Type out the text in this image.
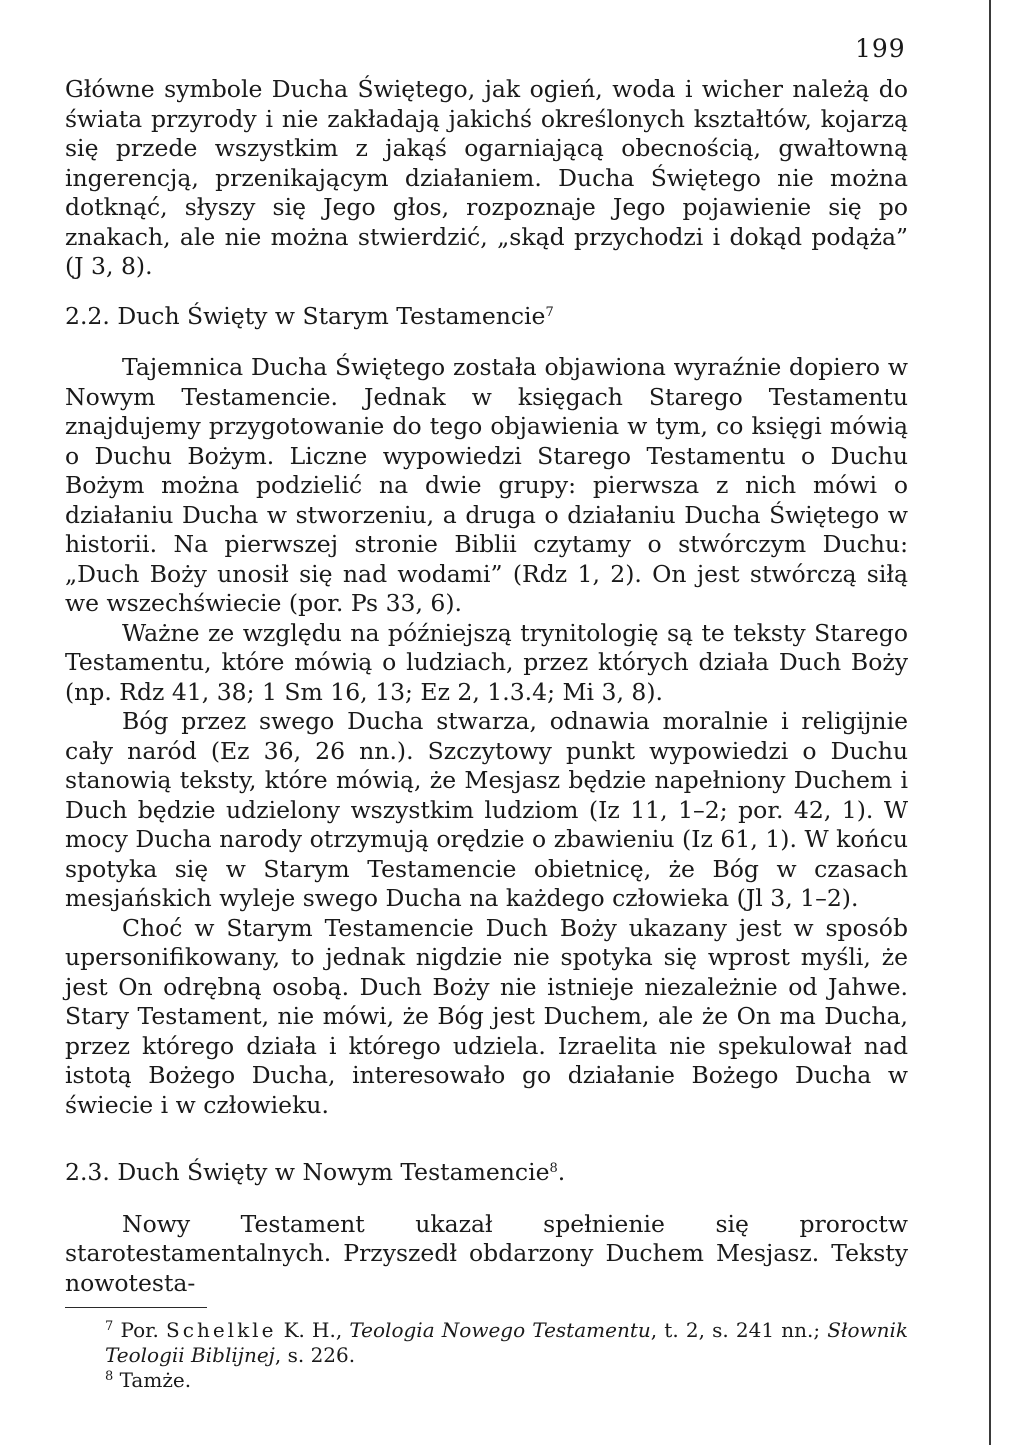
199

Główne symbole Ducha Świętego, jak ogień, woda i wicher należą do świata przyrody i nie zakładają jakichś określonych kształtów, kojarzą się przede wszystkim z jakąś ogarniającą obecnością, gwałtowną ingerencją, przenikającym działaniem. Ducha Świętego nie można dotknąć, słyszy się Jego głos, rozpoznaje Jego pojawienie się po znakach, ale nie można stwierdzić, „skąd przychodzi i dokąd podąża” (J 3, 8).

2.2. Duch Święty w Starym Testamencie$^7$

Tajemnica Ducha Świętego została objawiona wyraźnie dopiero w Nowym Testamencie. Jednak w księgach Starego Testamentu znajdujemy przygotowanie do tego objawienia w tym, co księgi mówią o Duchu Bożym. Liczne wypowiedzi Starego Testamentu o Duchu Bożym można podzielić na dwie grupy: pierwsza z nich mówi o działaniu Ducha w stworzeniu, a druga o działaniu Ducha Świętego w historii. Na pierwszej stronie Biblii czytamy o stwórczym Duchu: „Duch Boży unosił się nad wodami” (Rdz 1, 2). On jest stwórczą siłą we wszechświecie (por. Ps 33, 6).

Ważne ze względu na późniejszą trynitologię są te teksty Starego Testamentu, które mówią o ludziach, przez których działa Duch Boży (np. Rdz 41, 38; 1 Sm 16, 13; Ez 2, 1.3.4; Mi 3, 8).

Bóg przez swego Ducha stwarza, odnawia moralnie i religijnie cały naród (Ez 36, 26 nn.). Szczytowy punkt wypowiedzi o Duchu stanowią teksty, które mówią, że Mesjasz będzie napełniony Duchem i Duch będzie udzielony wszystkim ludziom (Iz 11, 1–2; por. 42, 1). W mocy Ducha narody otrzymują orędzie o zbawieniu (Iz 61, 1). W końcu spotyka się w Starym Testamencie obietnicę, że Bóg w czasach mesjańskich wyleje swego Ducha na każdego człowieka (Jl 3, 1–2).

Choć w Starym Testamencie Duch Boży ukazany jest w sposób upersonifikowany, to jednak nigdzie nie spotyka się wprost myśli, że jest On odrębną osobą. Duch Boży nie istnieje niezależnie od Jahwe. Stary Testament, nie mówi, że Bóg jest Duchem, ale że On ma Ducha, przez którego działa i którego udziela. Izraelita nie spekulował nad istotą Bożego Ducha, interesowało go działanie Bożego Ducha w świecie i w człowieku.

2.3. Duch Święty w Nowym Testamencie$^8$.

Nowy Testament ukazał spełnienie się proroctw starotestamentalnych. Przyszedł obdarzony Duchem Mesjasz. Teksty nowotesta-

$^7$ Por. Schelkle K. H., Teologia Nowego Testamentu, t. 2, s. 241 nn.; Słownik Teologii Biblijnej, s. 226.

$^8$ Tamże.
